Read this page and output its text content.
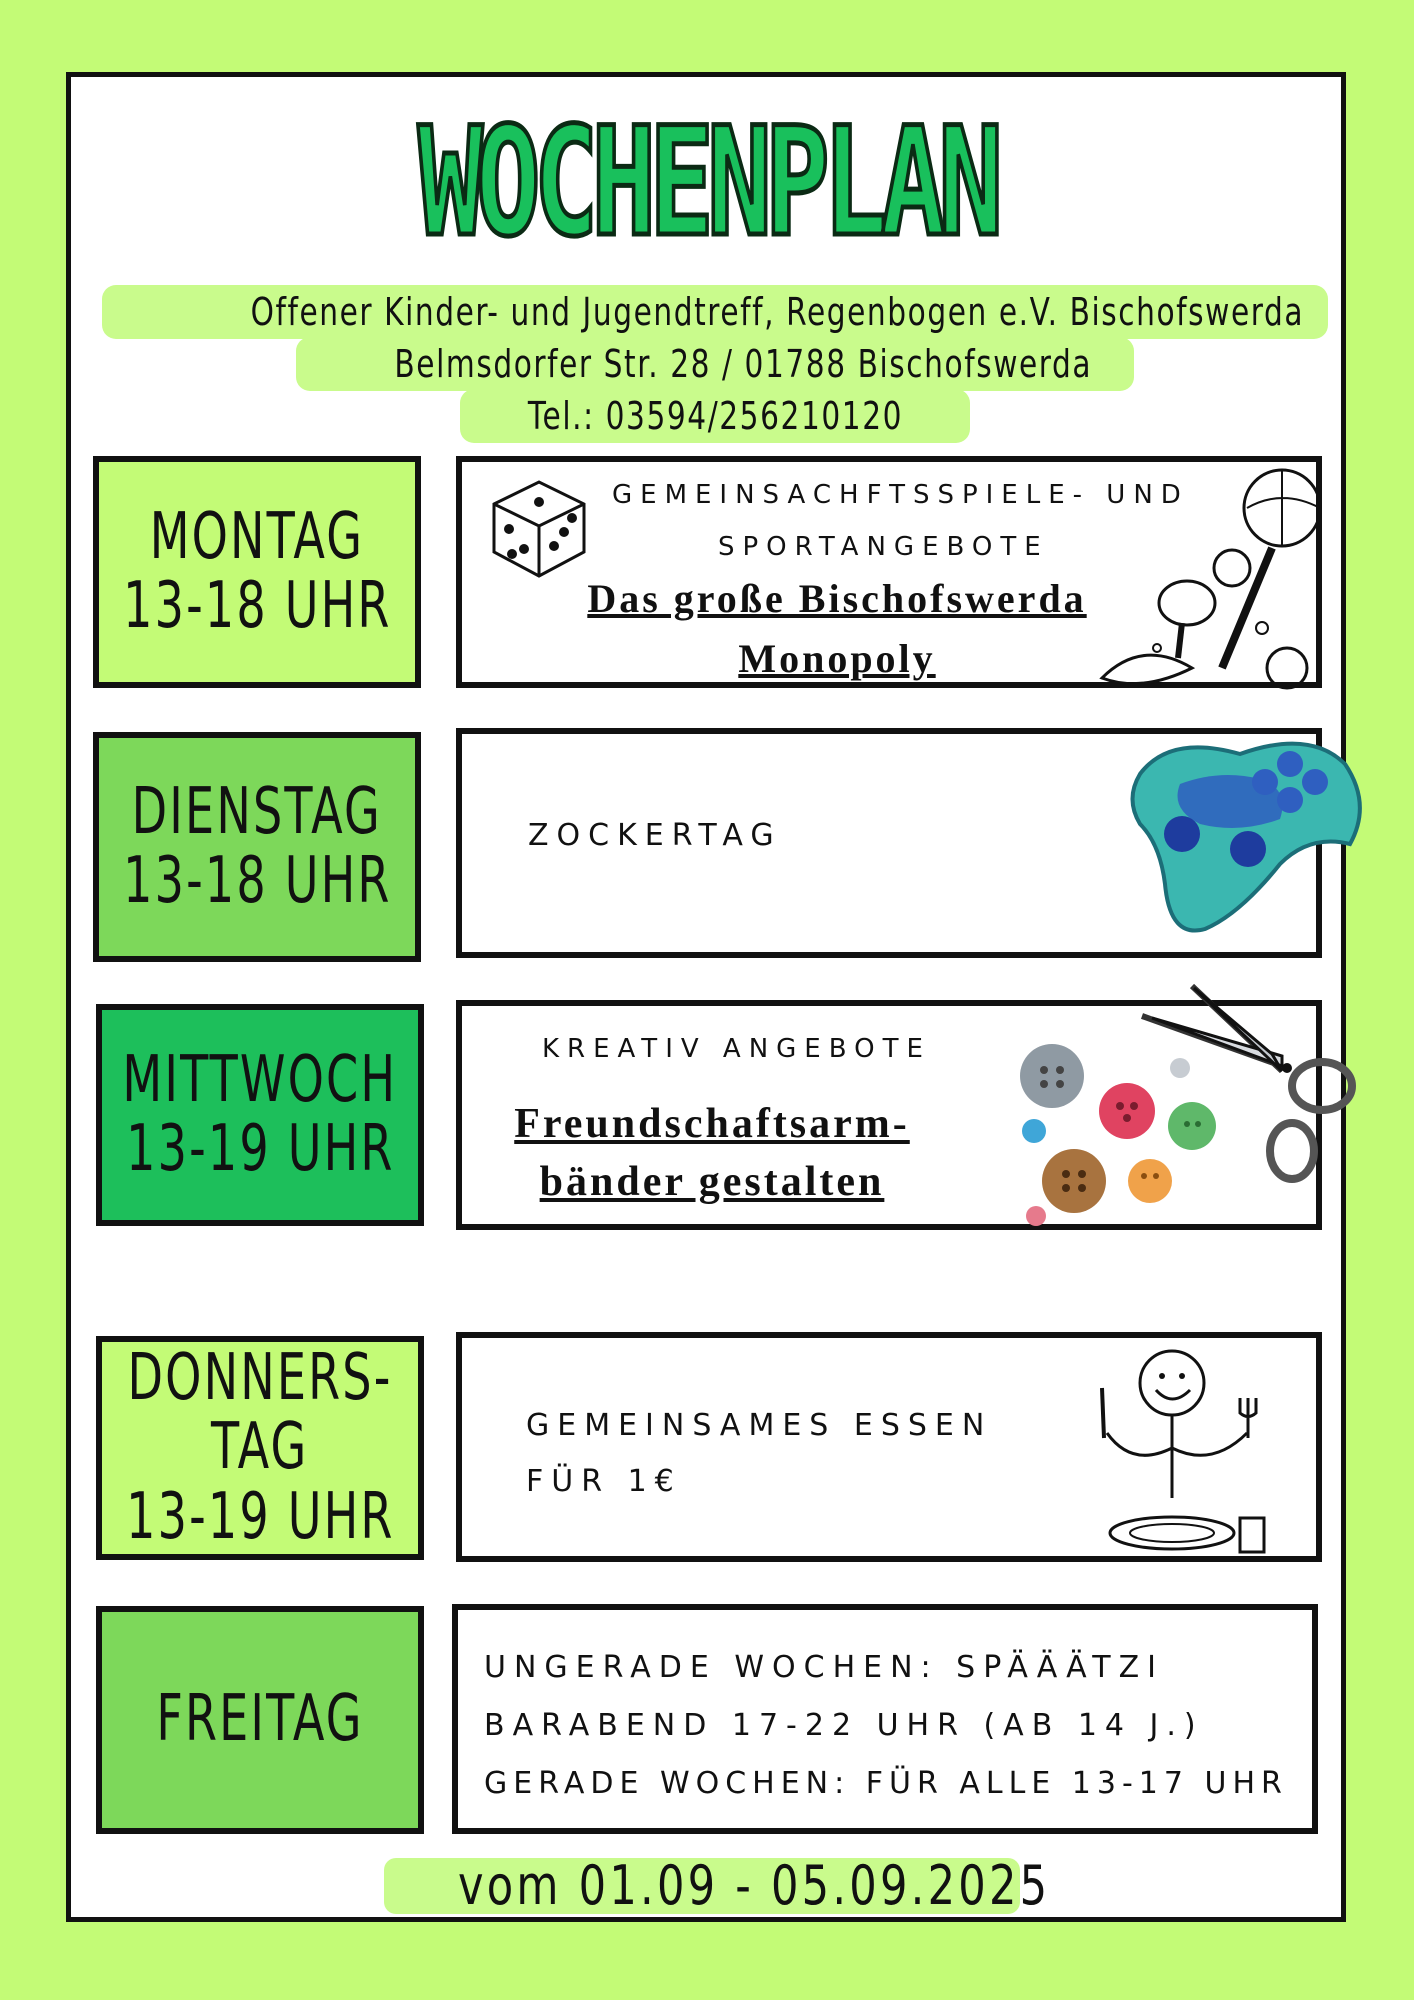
WOCHENPLAN
Offener Kinder- und Jugendtreff, Regenbogen e.V. Bischofswerda
Belmsdorfer Str. 28 / 01788 Bischofswerda
Tel.: 03594/256210120
MONTAG
13-18 UHR
GEMEINSACHFTSSPIELE- UND
SPORTANGEBOTE
Das große Bischofswerda
Monopoly
DIENSTAG
13-18 UHR
ZOCKERTAG
MITTWOCH
13-19 UHR
KREATIV ANGEBOTE
Freundschaftsarm-
bänder gestalten
DONNERS-
TAG
13-19 UHR
GEMEINSAMES ESSEN
FÜR 1€
FREITAG
UNGERADE WOCHEN: SPÄÄÄTZI
BARABEND 17-22 UHR (AB 14 J.)
GERADE WOCHEN: FÜR ALLE 13-17 UHR
vom 01.09 - 05.09.2025
